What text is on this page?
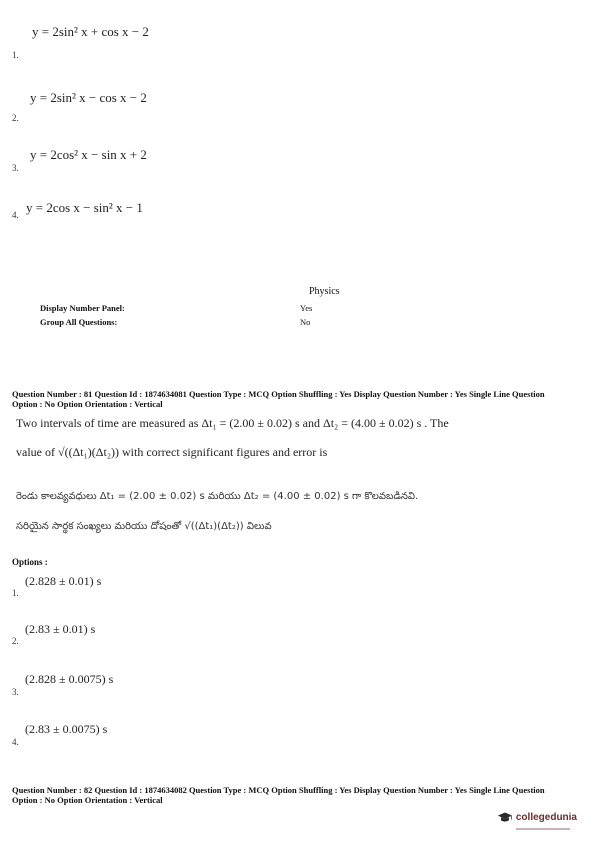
y = 2sin² x + cos x − 2
1.
y = 2sin² x − cos x − 2
2.
y = 2cos² x − sin x + 2
3.
y = 2cos x − sin² x − 1
4.
Physics
Display Number Panel:	Yes
Group All Questions:	No
Question Number : 81 Question Id : 1874634081 Question Type : MCQ Option Shuffling : Yes Display Question Number : Yes Single Line Question Option : No Option Orientation : Vertical
Two intervals of time are measured as Δt₁ = (2.00 ± 0.02) s and Δt₂ = (4.00 ± 0.02) s . The
value of √((Δt₁)(Δt₂)) with correct significant figures and error is
రెండు కాలవ్యవధులు Δt₁ = (2.00 ± 0.02) s మరియు Δt₂ = (4.00 ± 0.02) s గా కొలవబడినవి.
సరియైన సార్థక సంఖ్యలు మరియు దోషంతో √((Δt₁)(Δt₂)) విలువ
Options :
(2.828 ± 0.01) s
1.
(2.83 ± 0.01) s
2.
(2.828 ± 0.0075) s
3.
(2.83 ± 0.0075) s
4.
Question Number : 82 Question Id : 1874634082 Question Type : MCQ Option Shuffling : Yes Display Question Number : Yes Single Line Question Option : No Option Orientation : Vertical
collegedunia
